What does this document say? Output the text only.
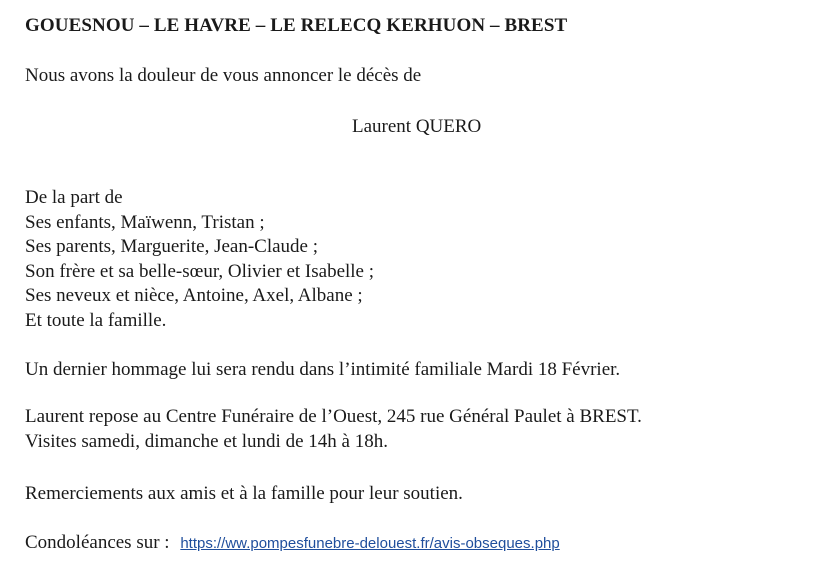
GOUESNOU – LE HAVRE – LE RELECQ KERHUON – BREST
Nous avons la douleur de vous annoncer le décès de
Laurent QUERO
De la part de
Ses enfants, Maïwenn, Tristan ;
Ses parents, Marguerite, Jean-Claude ;
Son frère et sa belle-sœur, Olivier et Isabelle ;
Ses neveux et nièce, Antoine, Axel, Albane ;
Et toute la famille.
Un dernier hommage lui sera rendu dans l’intimité familiale Mardi 18 Février.
Laurent repose au Centre Funéraire de l’Ouest, 245 rue Général Paulet à BREST.
Visites samedi, dimanche et lundi de 14h à 18h.
Remerciements aux amis et à la famille pour leur soutien.
Condoléances sur : https://ww.pompesfunebre-delouest.fr/avis-obseques.php
